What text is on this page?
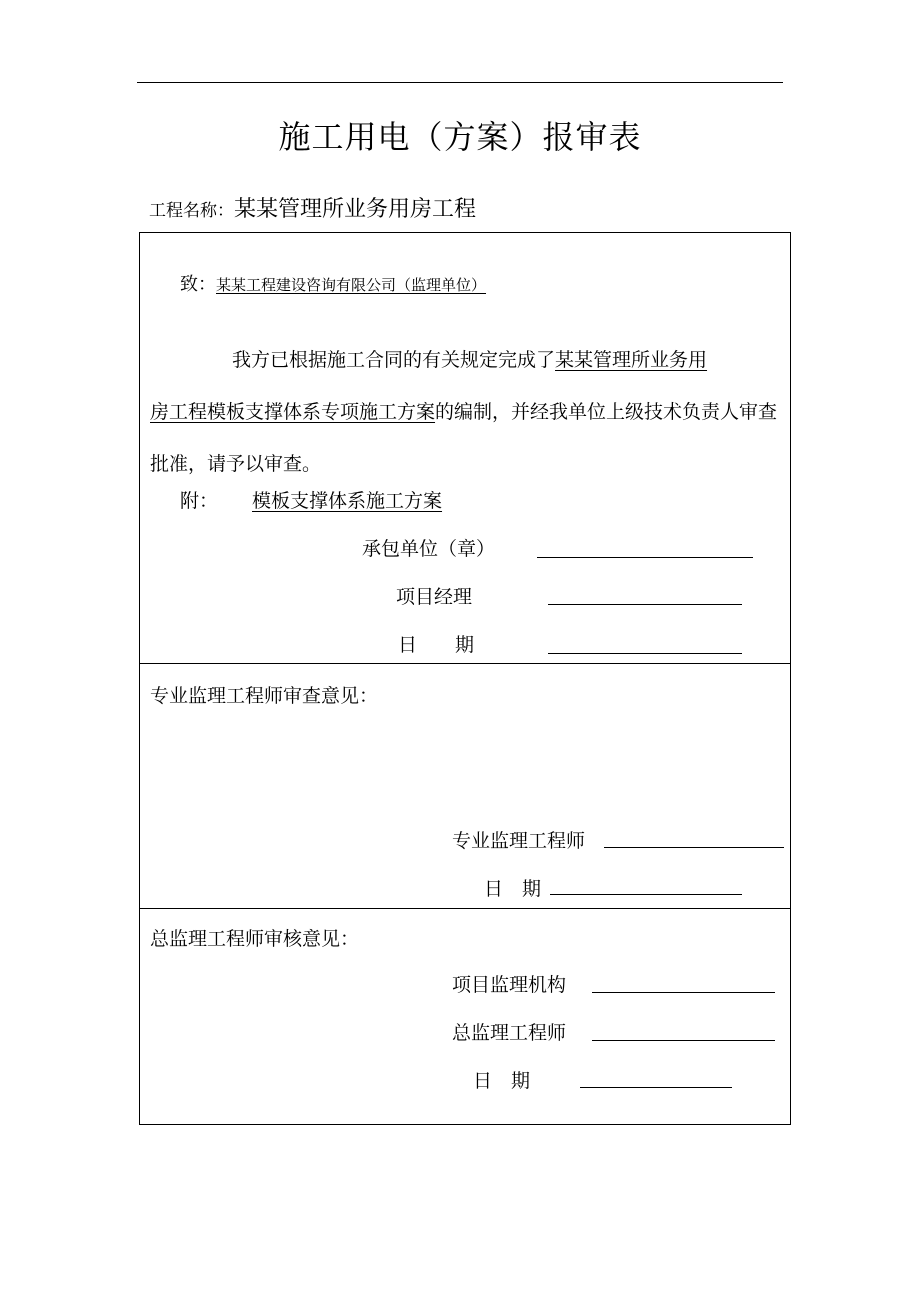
施工用电（方案）报审表
工程名称：某某管理所业务用房工程
致：某某工程建设咨询有限公司（监理单位）
我方已根据施工合同的有关规定完成了某某管理所业务用
房工程模板支撑体系专项施工方案的编制，并经我单位上级技术负责人审查批准，请予以审查。
附： 模板支撑体系施工方案
承包单位（章）
项目经理
日　　期
专业监理工程师审查意见：
专业监理工程师
日　期
总监理工程师审核意见：
项目监理机构
总监理工程师
日　期
